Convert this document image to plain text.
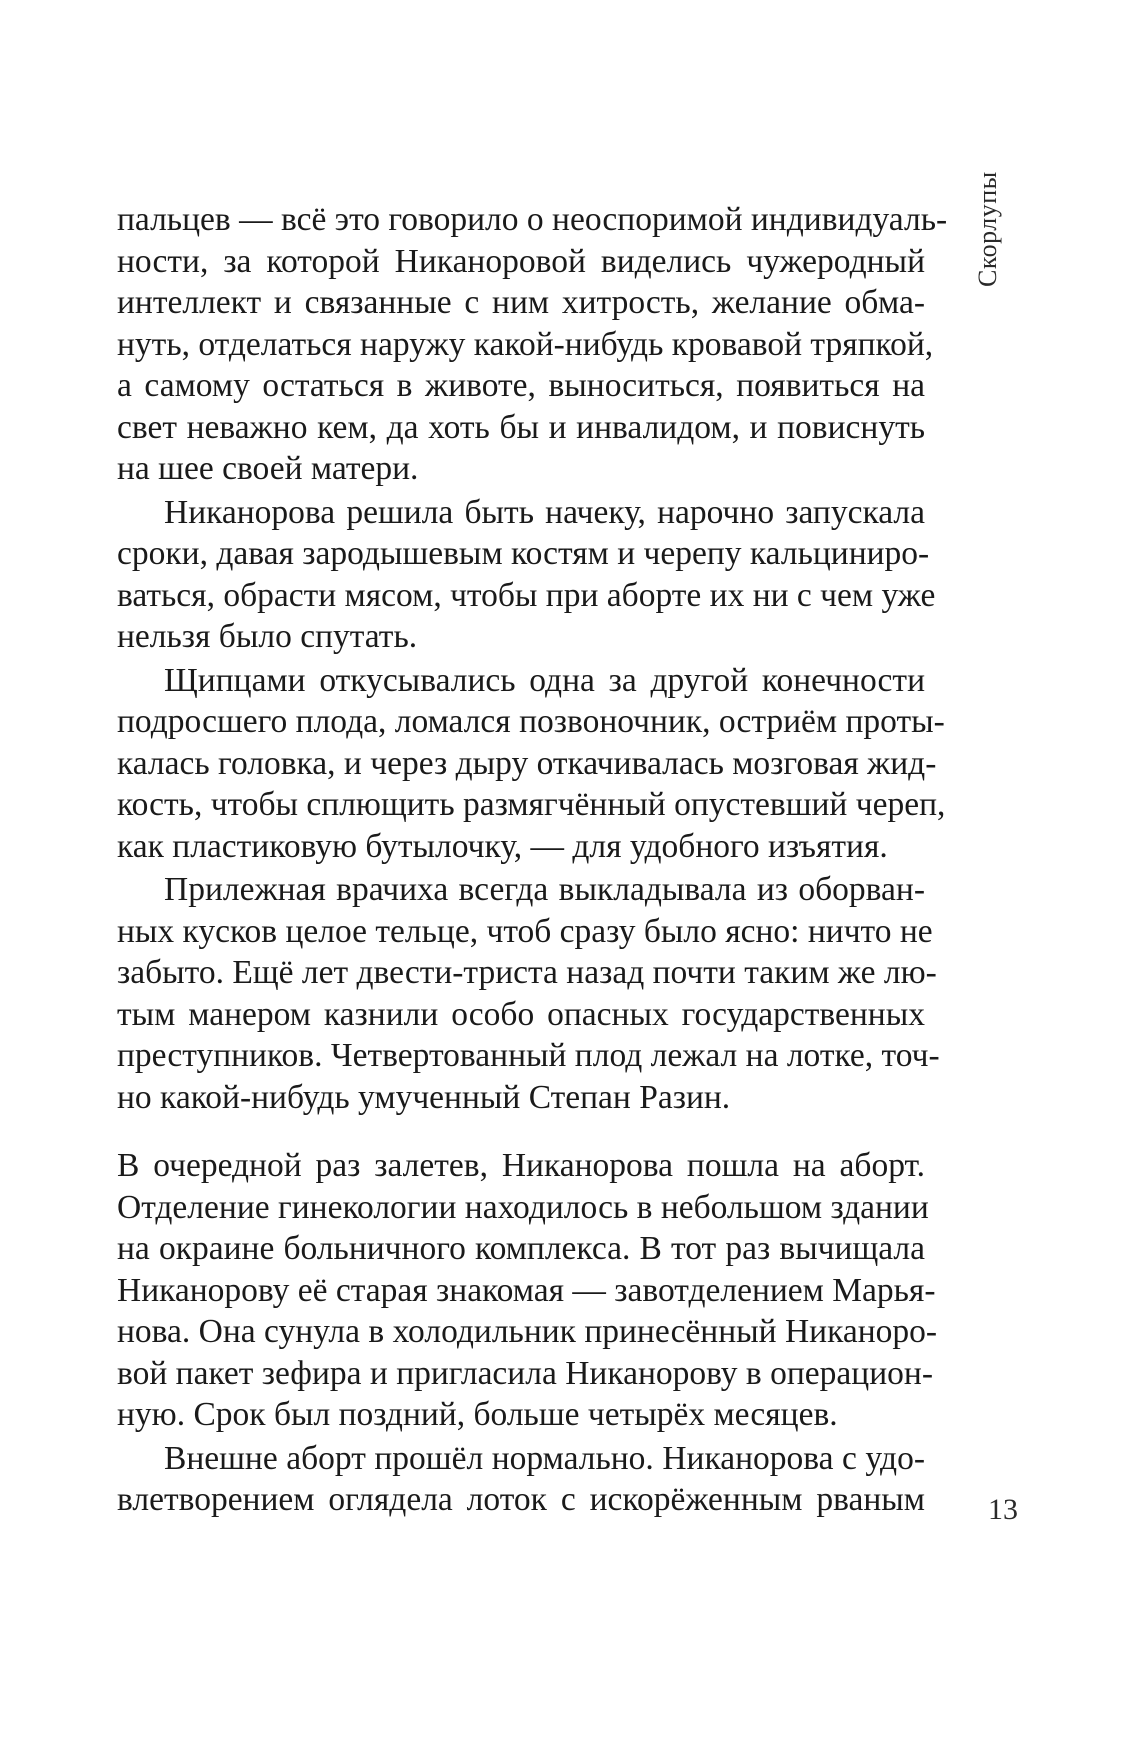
пальцев — всё это говорило о неоспоримой индивидуаль-
ности, за которой Никаноровой виделись чужеродный
интеллект и связанные с ним хитрость, желание обма-
нуть, отделаться наружу какой-нибудь кровавой тряпкой,
а самому остаться в животе, выноситься, появиться на
свет неважно кем, да хоть бы и инвалидом, и повиснуть
на шее своей матери.
Никанорова решила быть начеку, нарочно запускала
сроки, давая зародышевым костям и черепу кальцинир​о-
ваться, обрасти мясом, чтобы при аборте их ни с чем уже
нельзя было спутать.
Щипцами откусывались одна за другой конечности
подросшего плода, ломался позвоночник, остриём проты-
калась головка, и через дыру откачивалась мозговая жид-
кость, чтобы сплющить размягчённый опустевший череп,
как пластиковую бутылочку, — для удобного изъятия.
Прилежная врачиха всегда выкладывала из оборван-
ных кусков целое тельце, чтоб сразу было ясно: ничто не
забыто. Ещё лет двести-триста назад почти таким же лю-
тым манером казнили особо опасных государственных
преступников. Четвертованный плод лежал на лотке, точ-
но какой-нибудь умученный Степан Разин.
В очередной раз залетев, Никанорова пошла на аборт.
Отделение гинекологии находилось в небольшом здании
на окраине больничного комплекса. В тот раз вычищала
Никанорову её старая знакомая — завотделением Марья-
нова. Она сунула в холодильник принесённый Никаноро-
вой пакет зефира и пригласила Никанорову в операцион-
ную. Срок был поздний, больше четырёх месяцев.
Внешне аборт прошёл нормально. Никанорова с удо-
влетворением оглядела лоток с искорёженным рваным
Скорлупы
13
